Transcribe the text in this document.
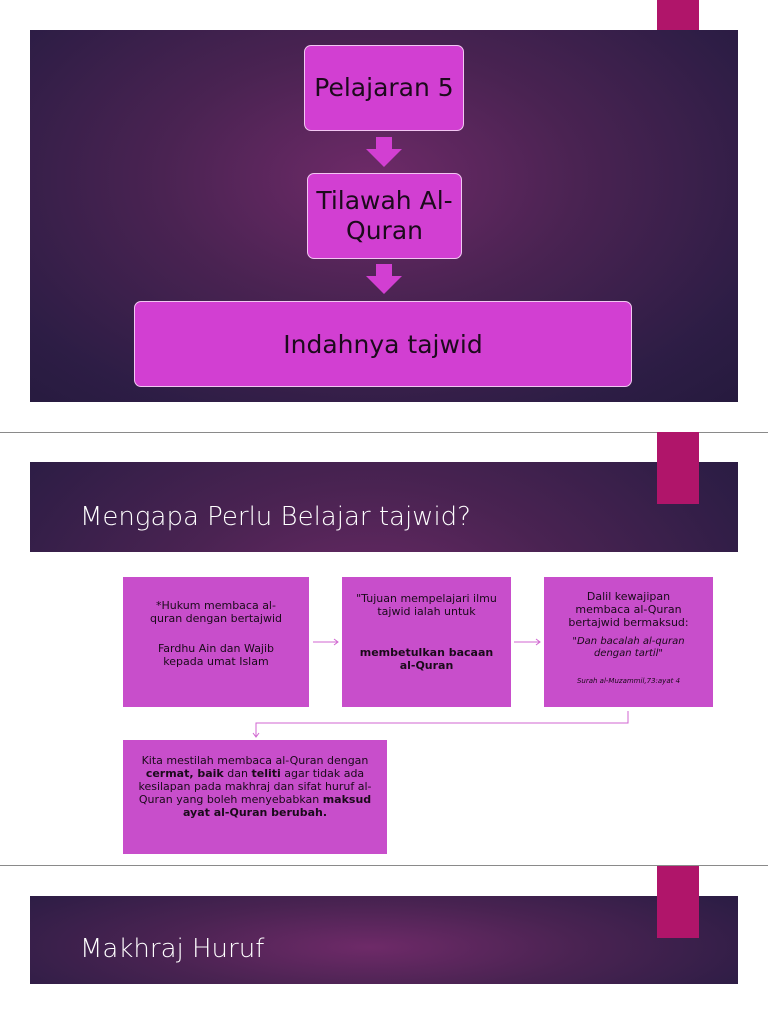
Pelajaran 5
Tilawah Al-Quran
Indahnya tajwid
Mengapa Perlu Belajar tajwid?

*Hukum membaca al-quran dengan bertajwid

Fardhu Ain dan Wajib kepada umat Islam

"Tujuan mempelajari ilmu tajwid ialah untuk

membetulkan bacaan al-Quran

Dalil kewajipan membaca al-Quran bertajwid bermaksud:

"Dan bacalah al-quran dengan tartil"

Surah al-Muzammil,73:ayat 4

Kita mestilah membaca al-Quran dengan cermat, baik dan teliti agar tidak ada kesilapan pada makhraj dan sifat huruf al-Quran yang boleh menyebabkan maksud ayat al-Quran berubah.

Makhraj Huruf
